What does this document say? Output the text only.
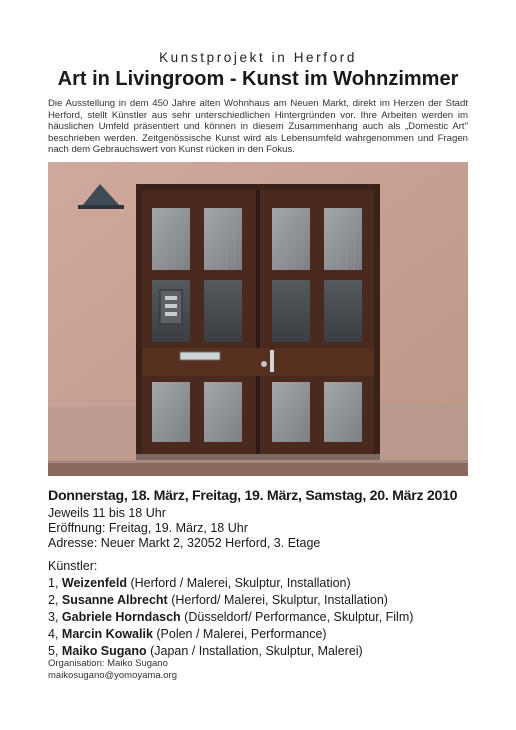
Kunstprojekt in Herford
Art in Livingroom - Kunst im Wohnzimmer
Die Ausstellung in dem 450 Jahre alten Wohnhaus am Neuen Markt, direkt im Herzen der Stadt Herford, stellt Künstler aus sehr unterschiedlichen Hintergründen vor. Ihre Arbeiten werden im häuslichen Umfeld präsentiert und können in diesem Zusammenhang auch als „Domestic Art" beschrieben werden. Zeitgenössische Kunst wird als Lebensumfeld wahrgenommen und Fragen nach dem Gebrauchswert von Kunst rücken in den Fokus.
Donnerstag, 18. März, Freitag, 19. März, Samstag, 20. März 2010
Jeweils 11 bis 18 Uhr
Eröffnung: Freitag, 19. März, 18 Uhr
Adresse: Neuer Markt 2, 32052 Herford, 3. Etage
Künstler:
1, Weizenfeld (Herford / Malerei, Skulptur, Installation)
2, Susanne Albrecht (Herford/ Malerei, Skulptur, Installation)
3, Gabriele Horndasch (Düsseldorf/ Performance, Skulptur, Film)
4, Marcin Kowalik (Polen / Malerei, Performance)
5, Maiko Sugano (Japan / Installation, Skulptur, Malerei)
Organisation: Maiko Sugano
maikosugano@yomoyama.org
